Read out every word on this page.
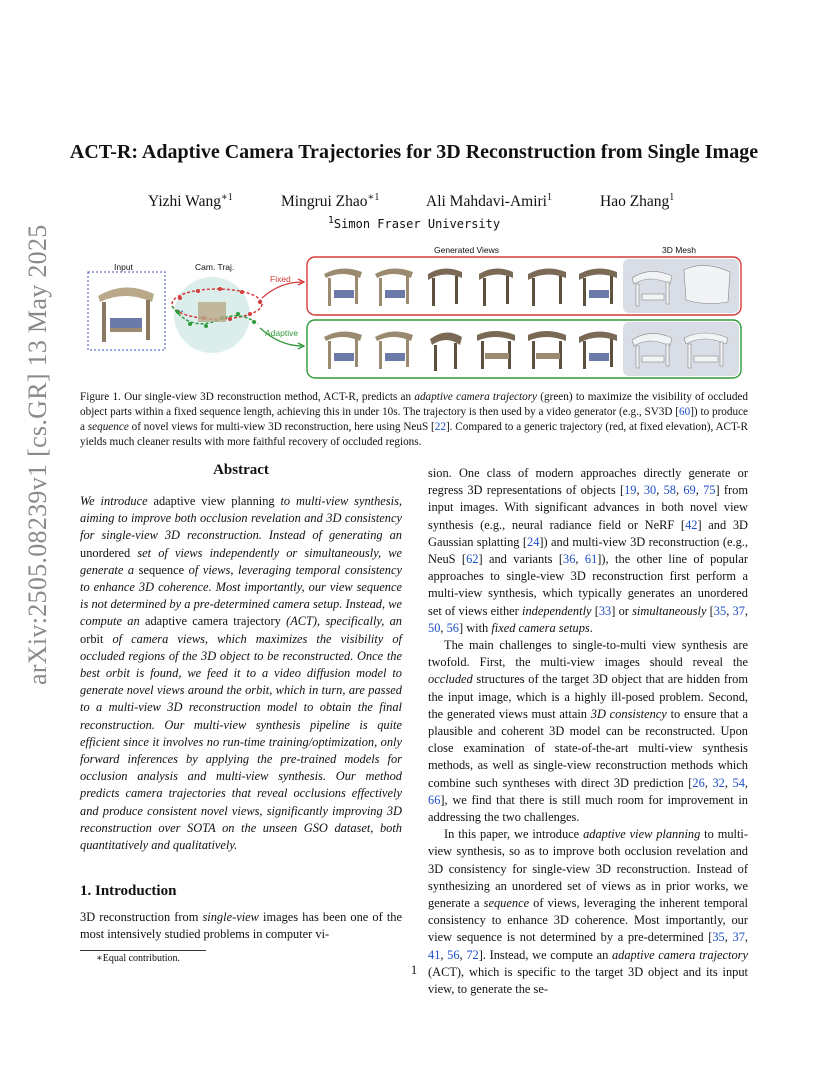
arXiv:2505.08239v1 [cs.GR] 13 May 2025
ACT-R: Adaptive Camera Trajectories for 3D Reconstruction from Single Image
Yizhi Wang$^{∗1}$	Mingrui Zhao$^{∗1}$	Ali Mahdavi-Amiri$^1$	Hao Zhang$^1$
$^1$Simon Fraser University
Input	Cam. Traj.
Fixed
Adaptive
Generated Views	3D Mesh
Figure 1. Our single-view 3D reconstruction method, ACT-R, predicts an adaptive camera trajectory (green) to maximize the visibility of occluded object parts within a fixed sequence length, achieving this in under 10s. The trajectory is then used by a video generator (e.g., SV3D [60]) to produce a sequence of novel views for multi-view 3D reconstruction, here using NeuS [22]. Compared to a generic trajectory (red, at fixed elevation), ACT-R yields much cleaner results with more faithful recovery of occluded regions.
Abstract
We introduce adaptive view planning to multi-view synthesis, aiming to improve both occlusion revelation and 3D consistency for single-view 3D reconstruction. Instead of generating an unordered set of views independently or simultaneously, we generate a sequence of views, leveraging temporal consistency to enhance 3D coherence. Most importantly, our view sequence is not determined by a pre-determined camera setup. Instead, we compute an adaptive camera trajectory (ACT), specifically, an orbit of camera views, which maximizes the visibility of occluded regions of the 3D object to be reconstructed. Once the best orbit is found, we feed it to a video diffusion model to generate novel views around the orbit, which in turn, are passed to a multi-view 3D reconstruction model to obtain the final reconstruction. Our multi-view synthesis pipeline is quite efficient since it involves no run-time training/optimization, only forward inferences by applying the pre-trained models for occlusion analysis and multi-view synthesis. Our method predicts camera trajectories that reveal occlusions effectively and produce consistent novel views, significantly improving 3D reconstruction over SOTA on the unseen GSO dataset, both quantitatively and qualitatively.
1. Introduction
3D reconstruction from single-view images has been one of the most intensively studied problems in computer vi-

sion. One class of modern approaches directly generate or regress 3D representations of objects [19, 30, 58, 69, 75] from input images. With significant advances in both novel view synthesis (e.g., neural radiance field or NeRF [42] and 3D Gaussian splatting [24]) and multi-view 3D reconstruction (e.g., NeuS [62] and variants [36, 61]), the other line of popular approaches to single-view 3D reconstruction first perform a multi-view synthesis, which typically generates an unordered set of views either independently [33] or simultaneously [35, 37, 50, 56] with fixed camera setups.

The main challenges to single-to-multi view synthesis are twofold. First, the multi-view images should reveal the occluded structures of the target 3D object that are hidden from the input image, which is a highly ill-posed problem. Second, the generated views must attain 3D consistency to ensure that a plausible and coherent 3D model can be reconstructed. Upon close examination of state-of-the-art multi-view synthesis methods, as well as single-view reconstruction methods which combine such syntheses with direct 3D prediction [26, 32, 54, 66], we find that there is still much room for improvement in addressing the two challenges.

In this paper, we introduce adaptive view planning to multi-view synthesis, so as to improve both occlusion revelation and 3D consistency for single-view 3D reconstruction. Instead of synthesizing an unordered set of views as in prior works, we generate a sequence of views, leveraging the inherent temporal consistency to enhance 3D coherence. Most importantly, our view sequence is not determined by a pre-determined [35, 37, 41, 56, 72]. Instead, we compute an adaptive camera trajectory (ACT), which is specific to the target 3D object and its input view, to generate the se-

∗Equal contribution.
1
